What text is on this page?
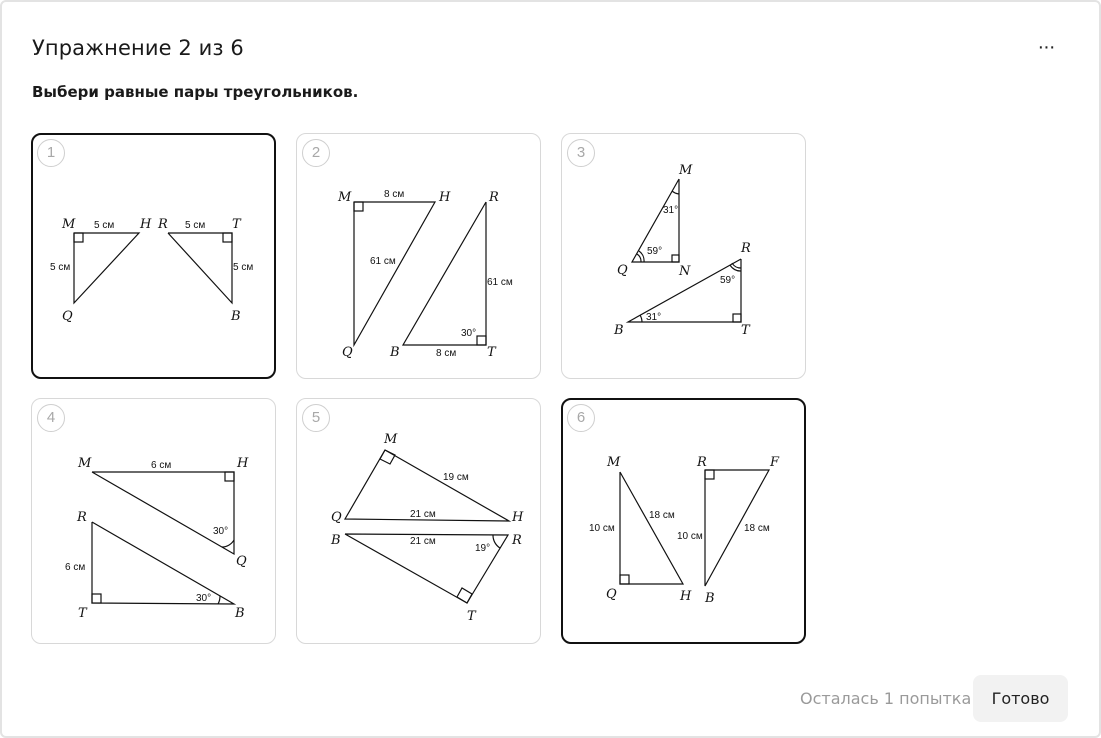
Упражнение 2 из 6	···
Выбери равные пары треугольников.
1
M	H
Q
R	T
B
5 см
5 см
5 см
5 см
2
M	H
Q
R
B	T
8 см
61 см
61 см
30°
8 см
3
M
Q	N
R
B	T
31°
59°
59°
31°
4
M	H
Q
R
T	B
6 см
30°
6 см
30°
5
M
Q	H
B	R
T
19 см
21 см
21 см
19°
6
M
Q	H
R	F
B
10 см
18 см
10 см
18 см
Осталась 1 попытка	Готово
